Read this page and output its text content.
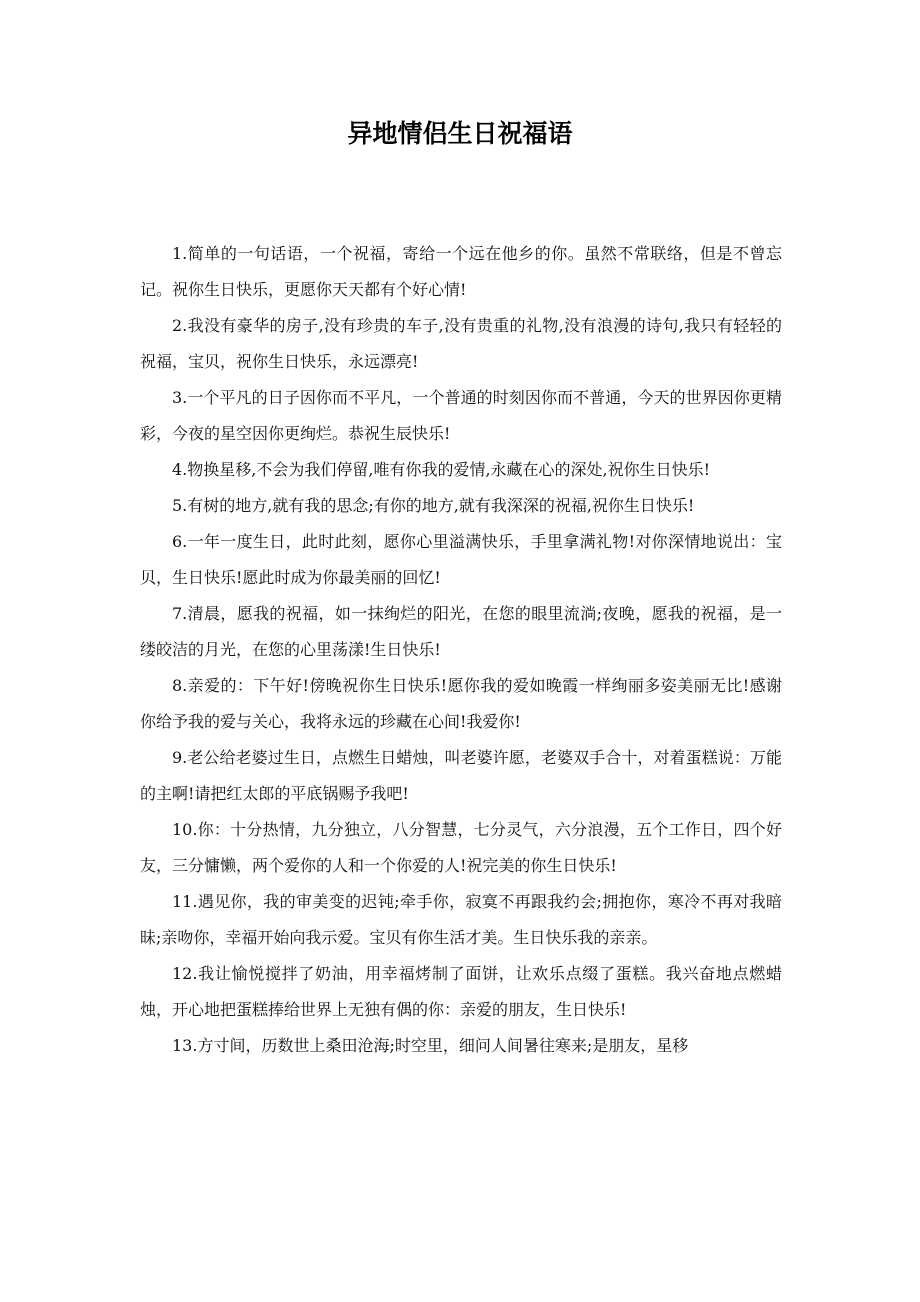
异地情侣生日祝福语

1.简单的一句话语，一个祝福，寄给一个远在他乡的你。虽然不常联络，但是不曾忘记。祝你生日快乐，更愿你天天都有个好心情!

2.我没有豪华的房子,没有珍贵的车子,没有贵重的礼物,没有浪漫的诗句,我只有轻轻的祝福，宝贝，祝你生日快乐，永远漂亮!

3.一个平凡的日子因你而不平凡，一个普通的时刻因你而不普通，今天的世界因你更精彩，今夜的星空因你更绚烂。恭祝生辰快乐!

4.物换星移,不会为我们停留,唯有你我的爱情,永藏在心的深处,祝你生日快乐!

5.有树的地方,就有我的思念;有你的地方,就有我深深的祝福,祝你生日快乐!

6.一年一度生日，此时此刻，愿你心里溢满快乐，手里拿满礼物!对你深情地说出：宝贝，生日快乐!愿此时成为你最美丽的回忆!

7.清晨，愿我的祝福，如一抹绚烂的阳光，在您的眼里流淌;夜晚，愿我的祝福，是一缕皎洁的月光，在您的心里荡漾!生日快乐!

8.亲爱的：下午好!傍晚祝你生日快乐!愿你我的爱如晚霞一样绚丽多姿美丽无比!感谢你给予我的爱与关心，我将永远的珍藏在心间!我爱你!

9.老公给老婆过生日，点燃生日蜡烛，叫老婆许愿，老婆双手合十，对着蛋糕说：万能的主啊!请把红太郎的平底锅赐予我吧!

10.你：十分热情，九分独立，八分智慧，七分灵气，六分浪漫，五个工作日，四个好友，三分慵懒，两个爱你的人和一个你爱的人!祝完美的你生日快乐!

11.遇见你，我的审美变的迟钝;牵手你，寂寞不再跟我约会;拥抱你，寒冷不再对我暗昧;亲吻你，幸福开始向我示爱。宝贝有你生活才美。生日快乐我的亲亲。

12.我让愉悦搅拌了奶油，用幸福烤制了面饼，让欢乐点缀了蛋糕。我兴奋地点燃蜡烛，开心地把蛋糕捧给世界上无独有偶的你：亲爱的朋友，生日快乐!

13.方寸间，历数世上桑田沧海;时空里，细问人间暑往寒来;是朋友，星移
